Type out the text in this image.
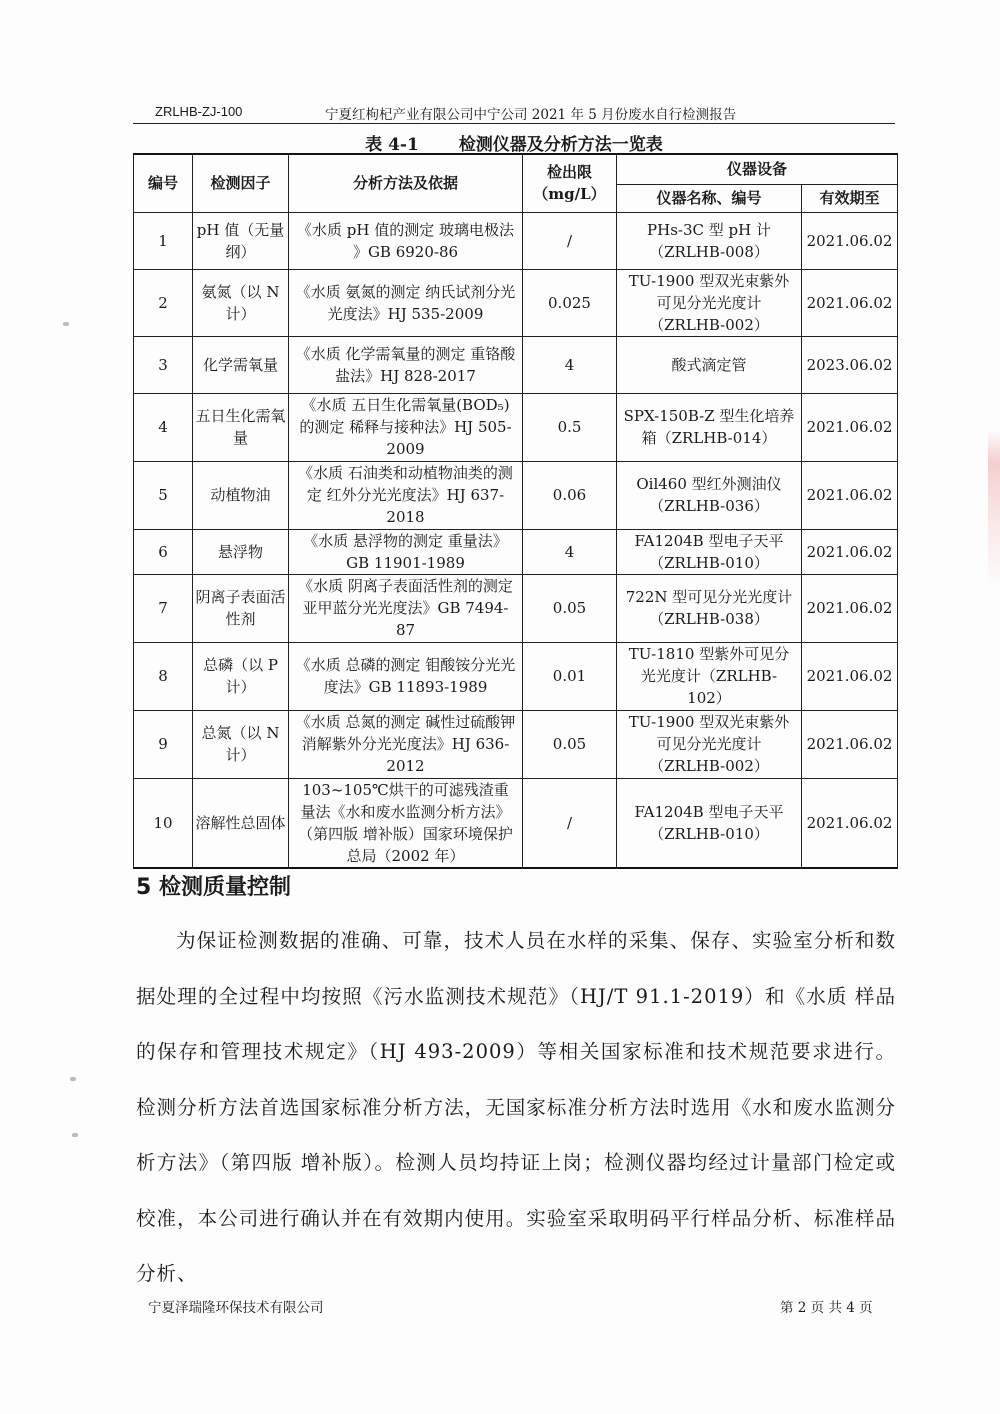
ZRLHB-ZJ-100	宁夏红枸杞产业有限公司中宁公司 2021 年 5 月份废水自行检测报告
表 4-1 检测仪器及分析方法一览表
编号	检测因子	分析方法及依据	检出限（mg/L）	仪器设备	
				仪器名称、编号	有效期至
1	pH 值（无量纲）	《水质 pH 值的测定 玻璃电极法 》GB 6920-86	/	PHs-3C 型 pH 计（ZRLHB-008）	2021.06.02
2	氨氮（以 N 计）	《水质 氨氮的测定 纳氏试剂分光光度法》HJ 535-2009	0.025	TU-1900 型双光束紫外可见分光光度计（ZRLHB-002）	2021.06.02
3	化学需氧量	《水质 化学需氧量的测定 重铬酸盐法》HJ 828-2017	4	酸式滴定管	2023.06.02
4	五日生化需氧量	《水质 五日生化需氧量(BOD₅)的测定 稀释与接种法》HJ 505-2009	0.5	SPX-150B-Z 型生化培养箱（ZRLHB-014）	2021.06.02
5	动植物油	《水质 石油类和动植物油类的测定 红外分光光度法》HJ 637-2018	0.06	Oil460 型红外测油仪（ZRLHB-036）	2021.06.02
6	悬浮物	《水质 悬浮物的测定 重量法》GB 11901-1989	4	FA1204B 型电子天平（ZRLHB-010）	2021.06.02
7	阴离子表面活性剂	《水质 阴离子表面活性剂的测定 亚甲蓝分光光度法》GB 7494-87	0.05	722N 型可见分光光度计（ZRLHB-038）	2021.06.02
8	总磷（以 P 计）	《水质 总磷的测定 钼酸铵分光光度法》GB 11893-1989	0.01	TU-1810 型紫外可见分光光度计（ZRLHB-102）	2021.06.02
9	总氮（以 N 计）	《水质 总氮的测定 碱性过硫酸钾消解紫外分光光度法》HJ 636-2012	0.05	TU-1900 型双光束紫外可见分光光度计（ZRLHB-002）	2021.06.02
10	溶解性总固体	103~105℃烘干的可滤残渣重量法《水和废水监测分析方法》（第四版 增补版）国家环境保护总局（2002 年）	/	FA1204B 型电子天平（ZRLHB-010）	2021.06.02
5 检测质量控制

为保证检测数据的准确、可靠，技术人员在水样的采集、保存、实验室分析和数据处理的全过程中均按照《污水监测技术规范》（HJ/T 91.1-2019）和《水质 样品的保存和管理技术规定》（HJ 493-2009）等相关国家标准和技术规范要求进行。检测分析方法首选国家标准分析方法，无国家标准分析方法时选用《水和废水监测分析方法》（第四版 增补版）。检测人员均持证上岗；检测仪器均经过计量部门检定或校准，本公司进行确认并在有效期内使用。实验室采取明码平行样品分析、标准样品分析、

宁夏泽瑞隆环保技术有限公司	第 2 页 共 4 页
